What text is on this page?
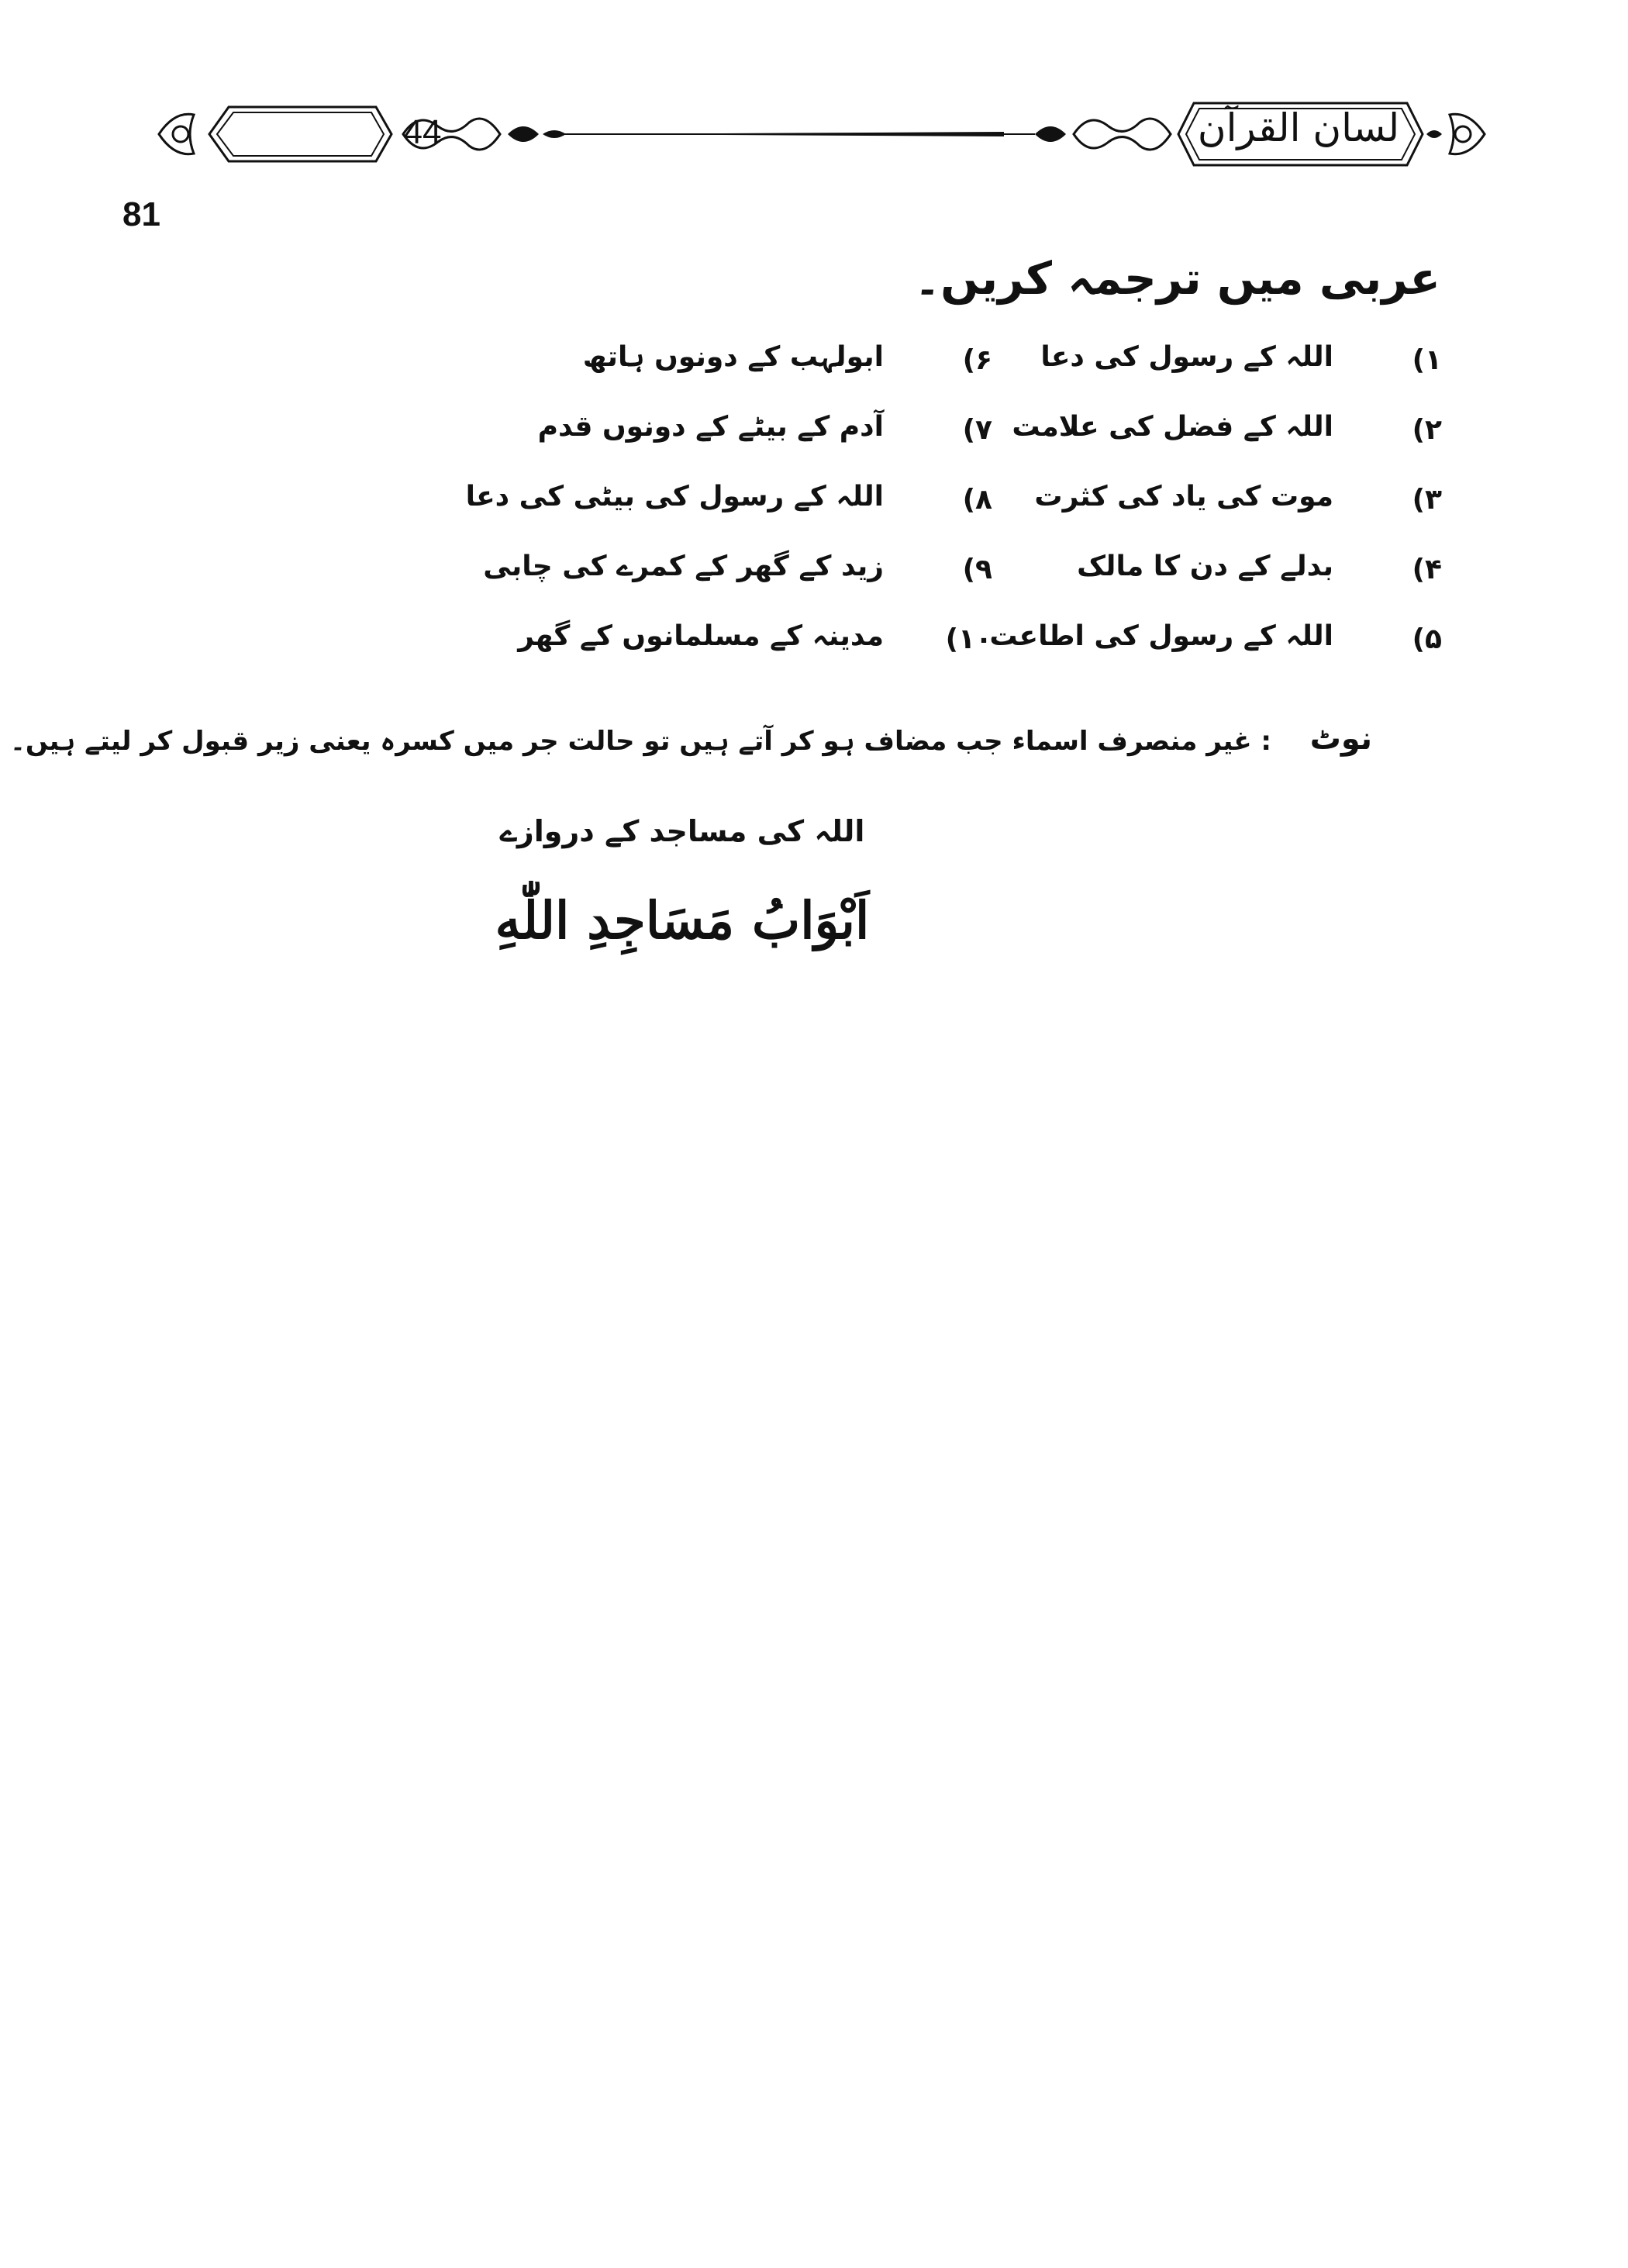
44	لسان القرآن
81
عربی میں ترجمہ کریں۔
۱)
اللہ کے رسول کی دعا
۶)
ابولہب کے دونوں ہاتھ
۲)
اللہ کے فضل کی علامت
۷)
آدم کے بیٹے کے دونوں قدم
۳)
موت کی یاد کی کثرت
۸)
اللہ کے رسول کی بیٹی کی دعا
۴)
بدلے کے دن کا مالک
۹)
زید کے گھر کے کمرے کی چابی
۵)
اللہ کے رسول کی اطاعت
۱۰)
مدینہ کے مسلمانوں کے گھر
نوٹ
: غیر منصرف اسماء جب مضاف ہو کر آتے ہیں تو حالت جر میں کسرہ یعنی زیر قبول کر لیتے ہیں۔
اللہ کی مساجد کے دروازے
اَبْوَابُ مَسَاجِدِ اللّٰهِ
